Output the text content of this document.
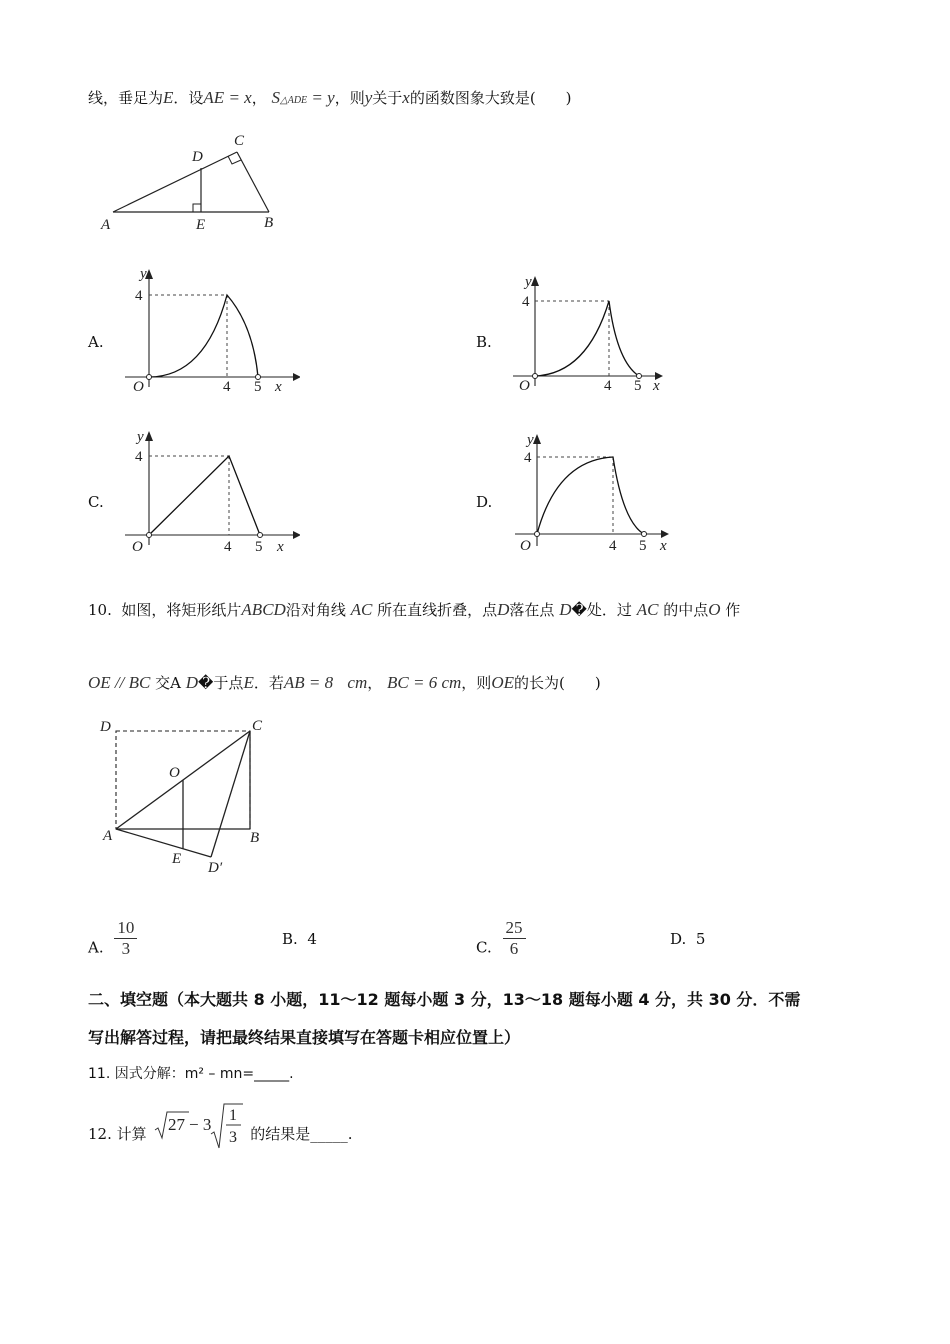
线，垂足为E．设AE = x， S△ADE = y，则y关于x的函数图象大致是(　　)
A	E	B
D
C
A.
y
4
O	4 5 x
B.
y
4
O	4 5 x
C.
y
4
O	4 5 x
D.
y
4
O	4 5 x
10. 如图，将矩形纸片ABCD沿对角线 AC 所在直线折叠，点D落在点 D�处．过 AC 的中点O 作
OE // BC 交A D�于点E．若AB = 8 cm， BC = 6 cm，则OE的长为(　　)
D	C
O
A	B
E
D′
A. $\frac{10}{3}$	B. 4	C. $\frac{25}{6}$	D. 5
二、填空题（本大题共 8 小题，11～12 题每小题 3 分，13～18 题每小题 4 分，共 30 分．不需
写出解答过程，请把最终结果直接填写在答题卡相应位置上）
11. 因式分解：m² – mn=_____.
12. 计算 27 − 3 1
3 的结果是_____.
